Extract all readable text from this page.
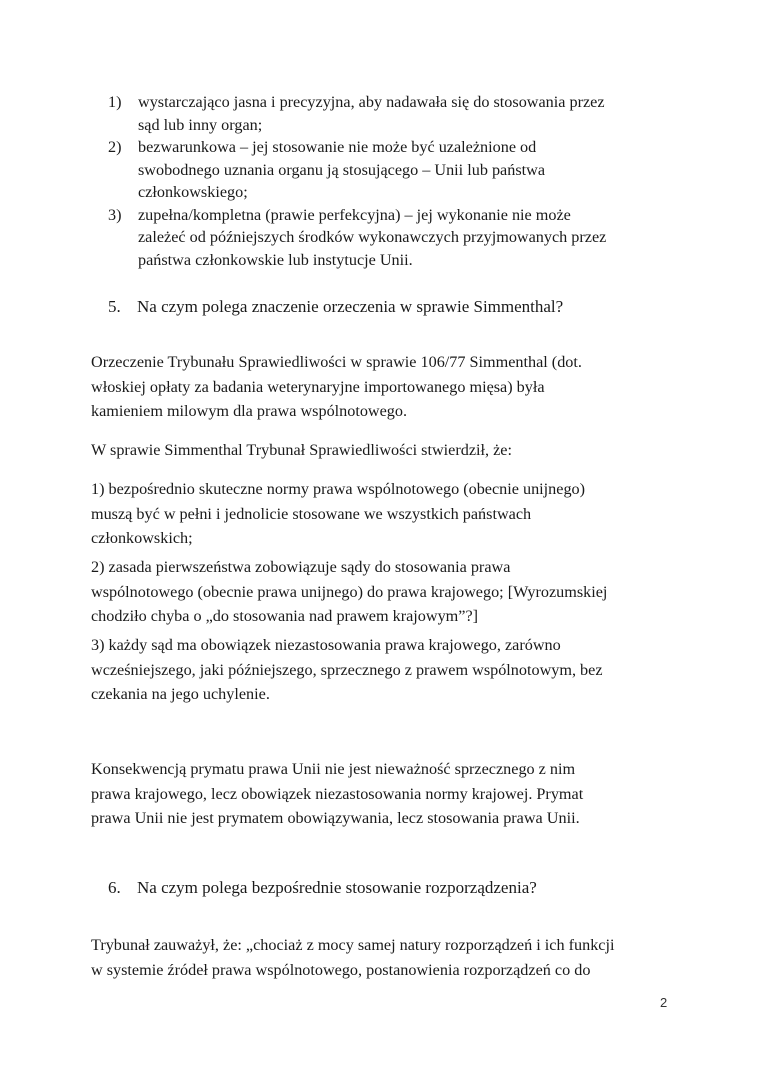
1) wystarczająco jasna i precyzyjna, aby nadawała się do stosowania przez
sąd lub inny organ;
2) bezwarunkowa – jej stosowanie nie może być uzależnione od
swobodnego uznania organu ją stosującego – Unii lub państwa
członkowskiego;
3) zupełna/kompletna (prawie perfekcyjna) – jej wykonanie nie może
zależeć od późniejszych środków wykonawczych przyjmowanych przez
państwa członkowskie lub instytucje Unii.
5. Na czym polega znaczenie orzeczenia w sprawie Simmenthal?
Orzeczenie Trybunału Sprawiedliwości w sprawie 106/77 Simmenthal (dot.
włoskiej opłaty za badania weterynaryjne importowanego mięsa) była
kamieniem milowym dla prawa wspólnotowego.
W sprawie Simmenthal Trybunał Sprawiedliwości stwierdził, że:
1) bezpośrednio skuteczne normy prawa wspólnotowego (obecnie unijnego)
muszą być w pełni i jednolicie stosowane we wszystkich państwach
członkowskich;
2) zasada pierwszeństwa zobowiązuje sądy do stosowania prawa
wspólnotowego (obecnie prawa unijnego) do prawa krajowego; [Wyrozumskiej
chodziło chyba o „do stosowania nad prawem krajowym”?]
3) każdy sąd ma obowiązek niezastosowania prawa krajowego, zarówno
wcześniejszego, jaki późniejszego, sprzecznego z prawem wspólnotowym, bez
czekania na jego uchylenie.
Konsekwencją prymatu prawa Unii nie jest nieważność sprzecznego z nim
prawa krajowego, lecz obowiązek niezastosowania normy krajowej. Prymat
prawa Unii nie jest prymatem obowiązywania, lecz stosowania prawa Unii.
6. Na czym polega bezpośrednie stosowanie rozporządzenia?
Trybunał zauważył, że: „chociaż z mocy samej natury rozporządzeń i ich funkcji
w systemie źródeł prawa wspólnotowego, postanowienia rozporządzeń co do
2
